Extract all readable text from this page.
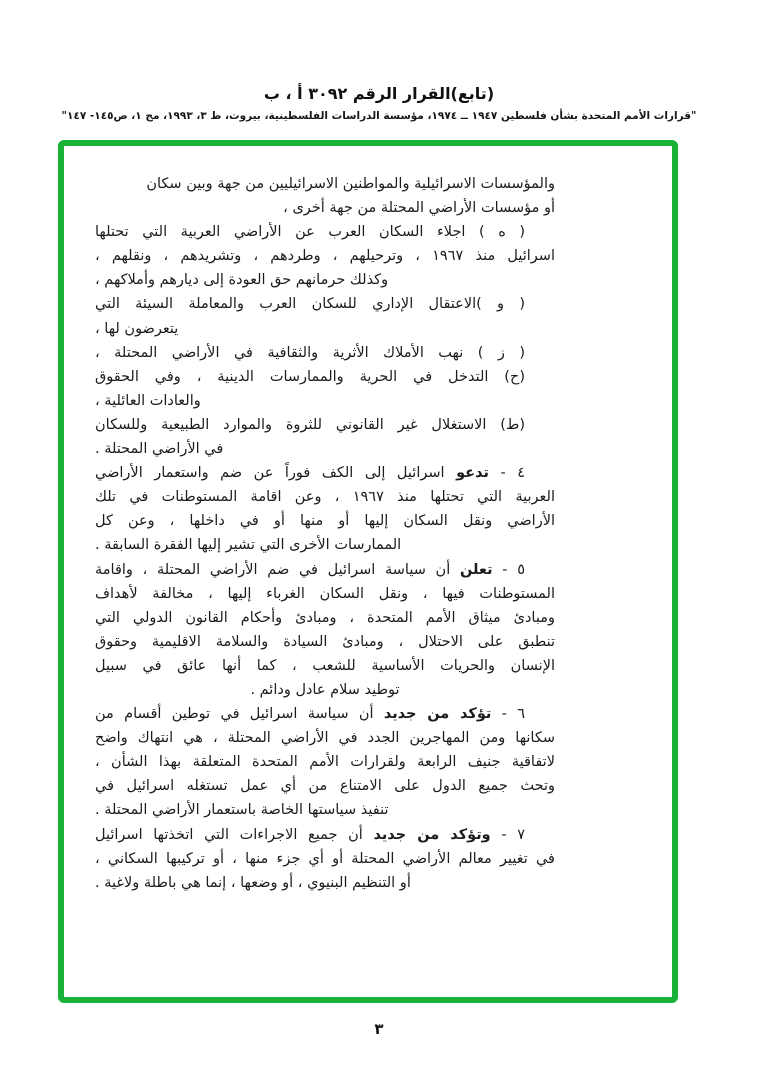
(تابع)القرار الرقم ٣٠٩٢ أ ، ب
"قرارات الأمم المتحدة بشأن فلسطين ١٩٤٧ ــ ١٩٧٤، مؤسسة الدراسات الفلسطينية، بيروت، ط ٣، ١٩٩٣، مج ١، ص١٤٥- ١٤٧"
والمؤسسات الاسرائيلية والمواطنين الاسرائيليين من جهة وبين سكان
أو مؤسسات الأراضي المحتلة من جهة أخرى ،
( ه ) اجلاء السكان العرب عن الأراضي العربية التي تحتلها
اسرائيل منذ ١٩٦٧ ، وترحيلهم ، وطردهم ، وتشريدهم ، ونقلهم ،
وكذلك حرمانهم حق العودة إلى ديارهم وأملاكهم ،
( و )الاعتقال الإداري للسكان العرب والمعاملة السيئة التي
يتعرضون لها ،
( ز ) نهب الأملاك الأثرية والثقافية في الأراضي المحتلة ،
(ح) التدخل في الحرية والممارسات الدينية ، وفي الحقوق
والعادات العائلية ،
(ط) الاستغلال غير القانوني للثروة والموارد الطبيعية وللسكان
في الأراضي المحتلة .
٤ - تدعو اسرائيل إلى الكف فوراً عن ضم واستعمار الأراضي
العربية التي تحتلها منذ ١٩٦٧ ، وعن اقامة المستوطنات في تلك
الأراضي ونقل السكان إليها أو منها أو في داخلها ، وعن كل
الممارسات الأخرى التي تشير إليها الفقرة السابقة .
٥ - تعلن أن سياسة اسرائيل في ضم الأراضي المحتلة ، واقامة
المستوطنات فيها ، ونقل السكان الغرباء إليها ، مخالفة لأهداف
ومبادئ ميثاق الأمم المتحدة ، ومبادئ وأحكام القانون الدولي التي
تنطبق على الاحتلال ، ومبادئ السيادة والسلامة الاقليمية وحقوق
الإنسان والحريات الأساسية للشعب ، كما أنها عائق في سبيل
توطيد سلام عادل ودائم .
٦ - تؤكد من جديد أن سياسة اسرائيل في توطين أقسام من
سكانها ومن المهاجرين الجدد في الأراضي المحتلة ، هي انتهاك واضح
لاتفاقية جنيف الرابعة ولقرارات الأمم المتحدة المتعلقة بهذا الشأن ،
وتحث جميع الدول على الامتناع من أي عمل تستغله اسرائيل في
تنفيذ سياستها الخاصة باستعمار الأراضي المحتلة .
٧ - وتؤكد من جديد أن جميع الاجراءات التي اتخذتها اسرائيل
في تغيير معالم الأراضي المحتلة أو أي جزء منها ، أو تركيبها السكاني ،
أو التنظيم البنيوي ، أو وضعها ، إنما هي باطلة ولاغية .
٣
